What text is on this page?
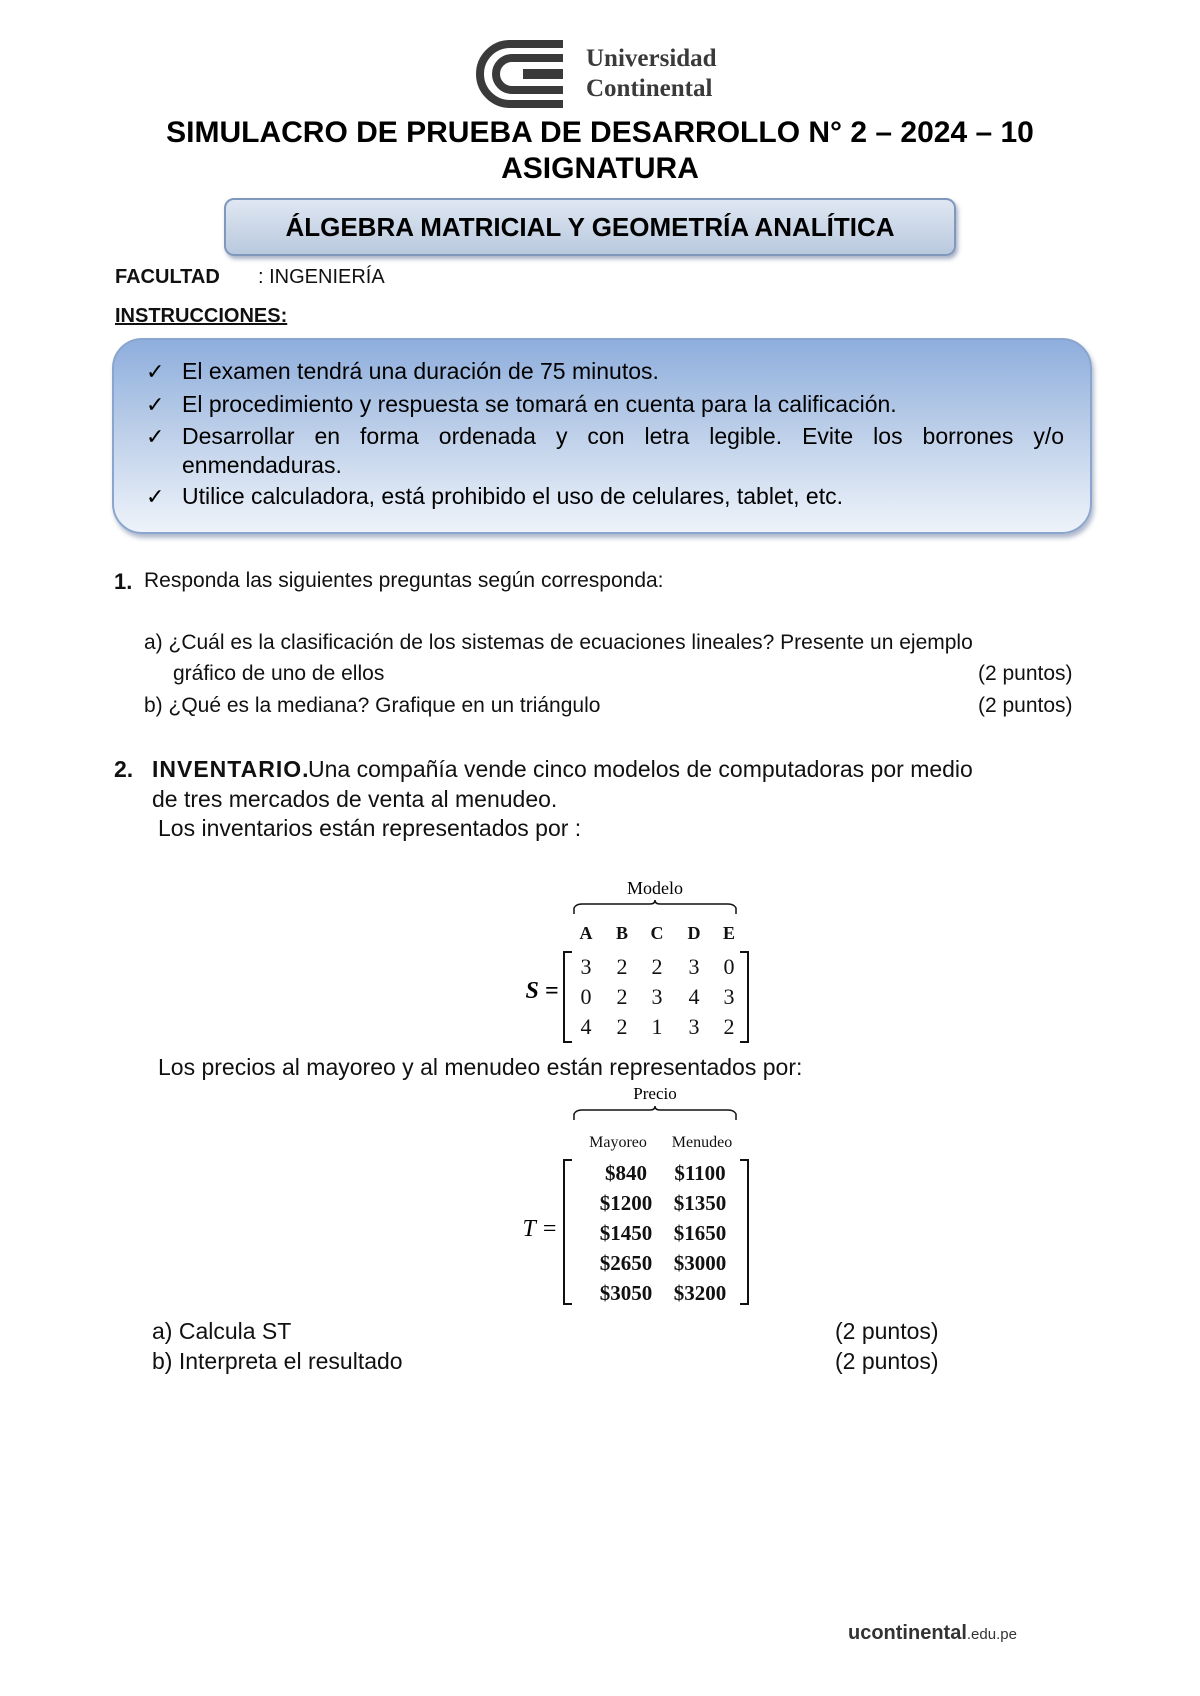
Universidad
Continental
SIMULACRO DE PRUEBA DE DESARROLLO N° 2 – 2024 – 10
ASIGNATURA
ÁLGEBRA MATRICIAL Y GEOMETRÍA ANALÍTICA
FACULTAD : INGENIERÍA
INSTRUCCIONES:
✓ El examen tendrá una duración de 75 minutos.
✓ El procedimiento y respuesta se tomará en cuenta para la calificación.
✓ Desarrollar en forma ordenada y con letra legible. Evite los borrones y/o
enmendaduras.
✓ Utilice calculadora, está prohibido el uso de celulares, tablet, etc.
1. Responda las siguientes preguntas según corresponda:
a) ¿Cuál es la clasificación de los sistemas de ecuaciones lineales? Presente un ejemplo
gráfico de uno de ellos	(2 puntos)
b) ¿Qué es la mediana? Grafique en un triángulo	(2 puntos)
2. INVENTARIO.
Una compañía vende cinco modelos de computadoras por medio
de tres mercados de venta al menudeo.
Los inventarios están representados por :
Modelo
A B C D E
S =
3 2 2 3 0
0 2 3 4 3
4 2 1 3 2
Los precios al mayoreo y al menudeo están representados por:
Precio
Mayoreo Menudeo
T =
$840 $1100
$1200 $1350
$1450 $1650
$2650 $3000
$3050 $3200
a) Calcula ST	(2 puntos)
b) Interpreta el resultado	(2 puntos)
ucontinental.edu.pe
